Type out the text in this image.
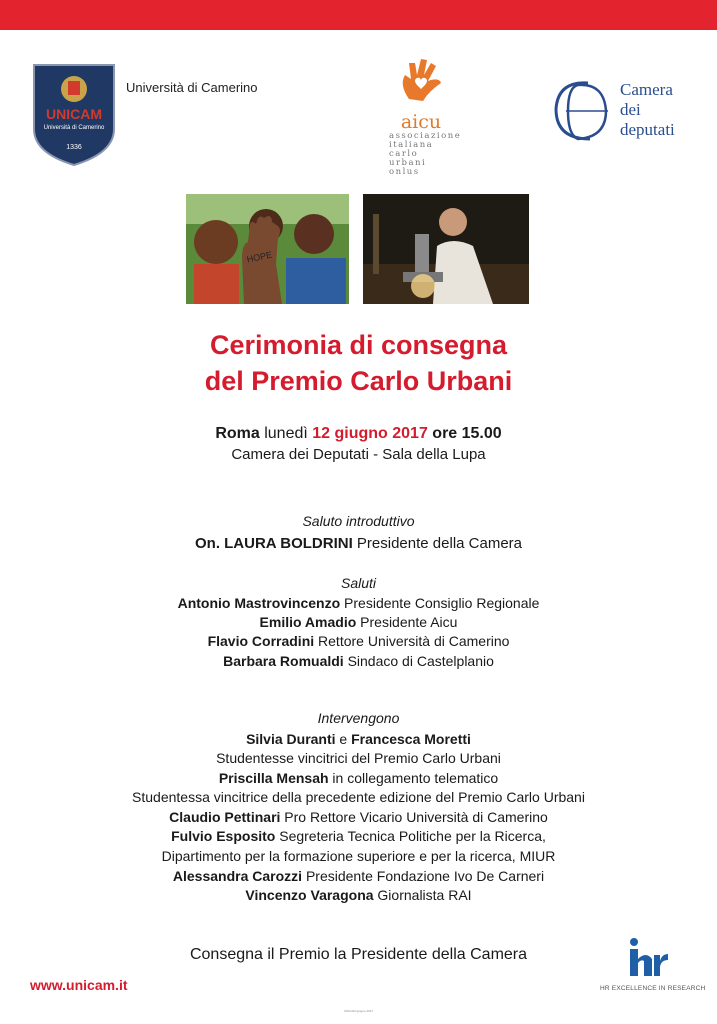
UNICAM
Università di Camerino
1336
Università di Camerino
aicu
associazione
italiana
carlo urbani
onlus
Camera
dei
deputati
HOPE
Cerimonia di consegna
del Premio Carlo Urbani
Roma lunedì 12 giugno 2017 ore 15.00
Camera dei Deputati - Sala della Lupa
Saluto introduttivo
On. LAURA BOLDRINI Presidente della Camera
Saluti
Antonio Mastrovincenzo Presidente Consiglio Regionale
Emilio Amadio Presidente Aicu
Flavio Corradini Rettore Università di Camerino
Barbara Romualdi Sindaco di Castelplanio
Intervengono
Silvia Duranti e Francesca Moretti
Studentesse vincitrici del Premio Carlo Urbani
Priscilla Mensah in collegamento telematico
Studentessa vincitrice della precedente edizione del Premio Carlo Urbani
Claudio Pettinari Pro Rettore Vicario Università di Camerino
Fulvio Esposito Segreteria Tecnica Politiche per la Ricerca,
Dipartimento per la formazione superiore e per la ricerca, MIUR
Alessandra Carozzi Presidente Fondazione Ivo De Carneri
Vincenzo Varagona Giornalista RAI
Consegna il Premio la Presidente della Camera
www.unicam.it	HR EXCELLENCE IN RESEARCH
UNICAM giugno 2017
